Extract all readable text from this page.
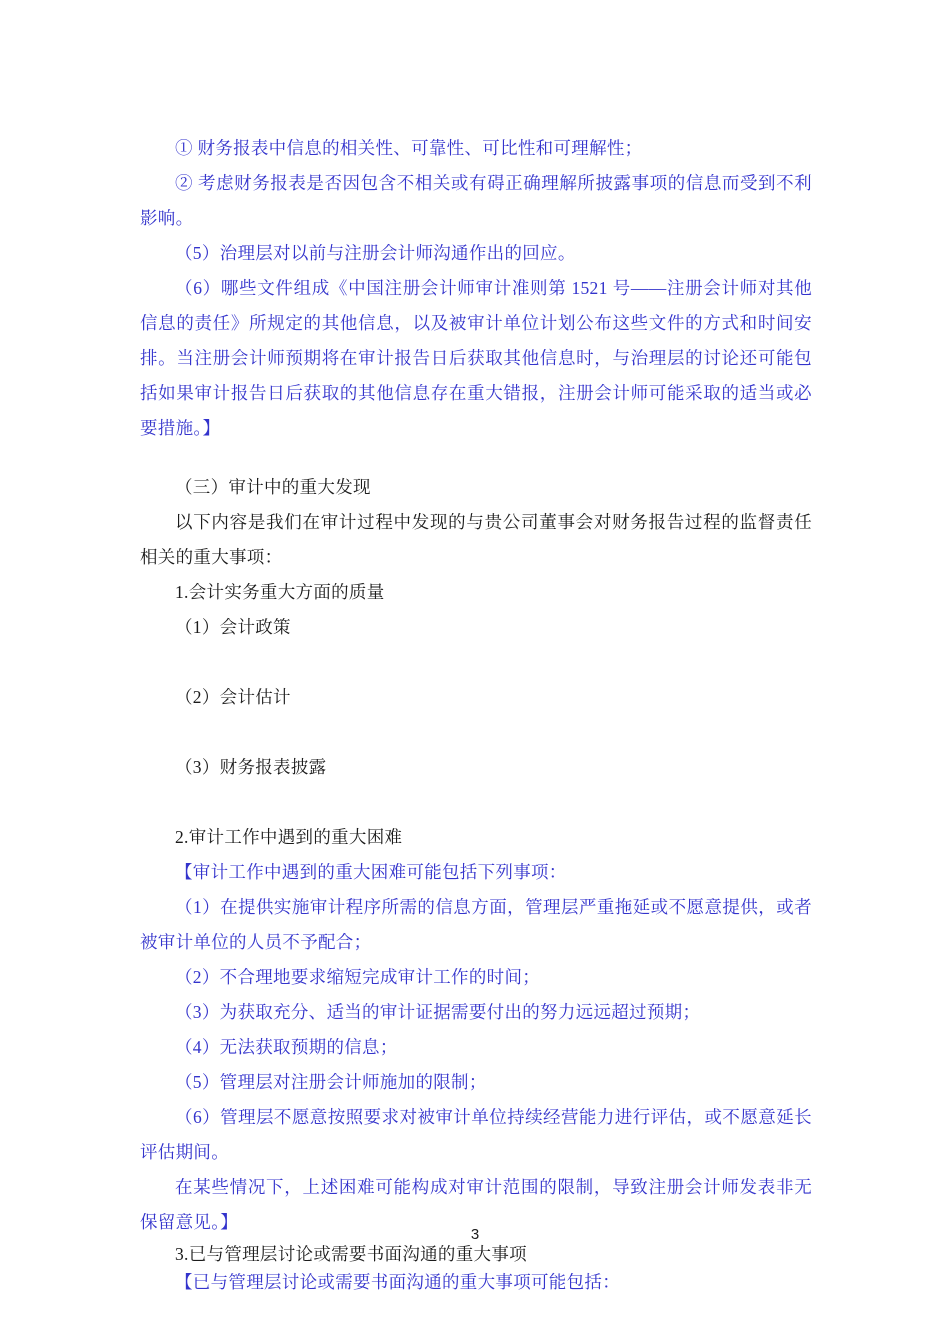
① 财务报表中信息的相关性、可靠性、可比性和可理解性；

② 考虑财务报表是否因包含不相关或有碍正确理解所披露事项的信息而受到不利影响。

（5）治理层对以前与注册会计师沟通作出的回应。

（6）哪些文件组成《中国注册会计师审计准则第 1521 号——注册会计师对其他信息的责任》所规定的其他信息，以及被审计单位计划公布这些文件的方式和时间安排。当注册会计师预期将在审计报告日后获取其他信息时，与治理层的讨论还可能包括如果审计报告日后获取的其他信息存在重大错报，注册会计师可能采取的适当或必要措施。】

（三）审计中的重大发现

以下内容是我们在审计过程中发现的与贵公司董事会对财务报告过程的监督责任相关的重大事项：

1.会计实务重大方面的质量

（1）会计政策

（2）会计估计

（3）财务报表披露

2.审计工作中遇到的重大困难

【审计工作中遇到的重大困难可能包括下列事项：

（1）在提供实施审计程序所需的信息方面，管理层严重拖延或不愿意提供，或者被审计单位的人员不予配合；

（2）不合理地要求缩短完成审计工作的时间；

（3）为获取充分、适当的审计证据需要付出的努力远远超过预期；

（4）无法获取预期的信息；

（5）管理层对注册会计师施加的限制；

（6）管理层不愿意按照要求对被审计单位持续经营能力进行评估，或不愿意延长评估期间。

在某些情况下，上述困难可能构成对审计范围的限制，导致注册会计师发表非无保留意见。】

3.已与管理层讨论或需要书面沟通的重大事项

【已与管理层讨论或需要书面沟通的重大事项可能包括：

3
